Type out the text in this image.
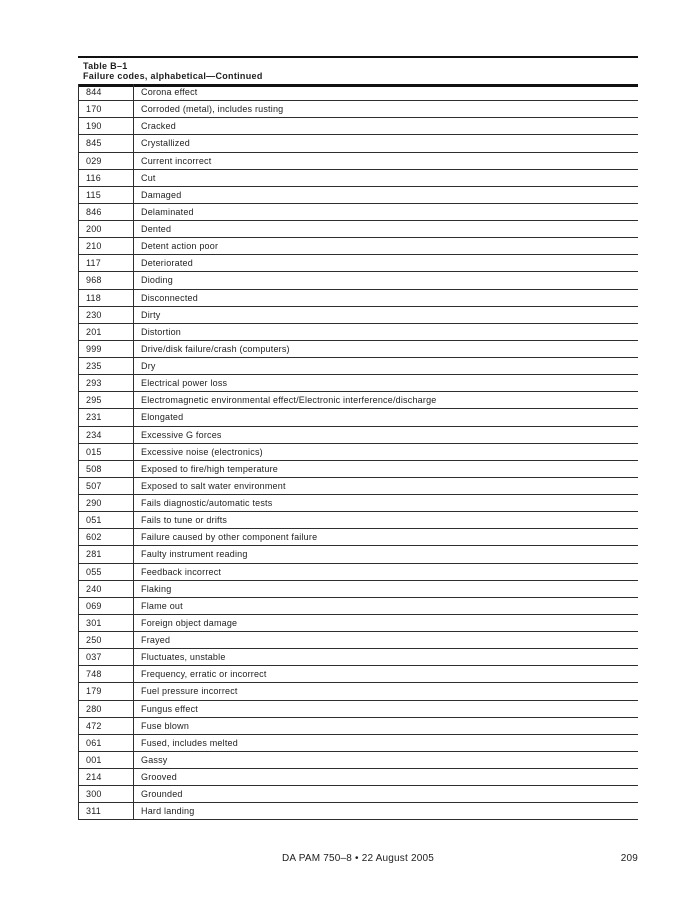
Table B–1
Failure codes, alphabetical—Continued
844	Corona effect
170	Corroded (metal), includes rusting
190	Cracked
845	Crystallized
029	Current incorrect
116	Cut
115	Damaged
846	Delaminated
200	Dented
210	Detent action poor
117	Deteriorated
968	Dioding
118	Disconnected
230	Dirty
201	Distortion
999	Drive/disk failure/crash (computers)
235	Dry
293	Electrical power loss
295	Electromagnetic environmental effect/Electronic interference/discharge
231	Elongated
234	Excessive G forces
015	Excessive noise (electronics)
508	Exposed to fire/high temperature
507	Exposed to salt water environment
290	Fails diagnostic/automatic tests
051	Fails to tune or drifts
602	Failure caused by other component failure
281	Faulty instrument reading
055	Feedback incorrect
240	Flaking
069	Flame out
301	Foreign object damage
250	Frayed
037	Fluctuates, unstable
748	Frequency, erratic or incorrect
179	Fuel pressure incorrect
280	Fungus effect
472	Fuse blown
061	Fused, includes melted
001	Gassy
214	Grooved
300	Grounded
311	Hard landing
DA PAM 750–8 • 22 August 2005	209
